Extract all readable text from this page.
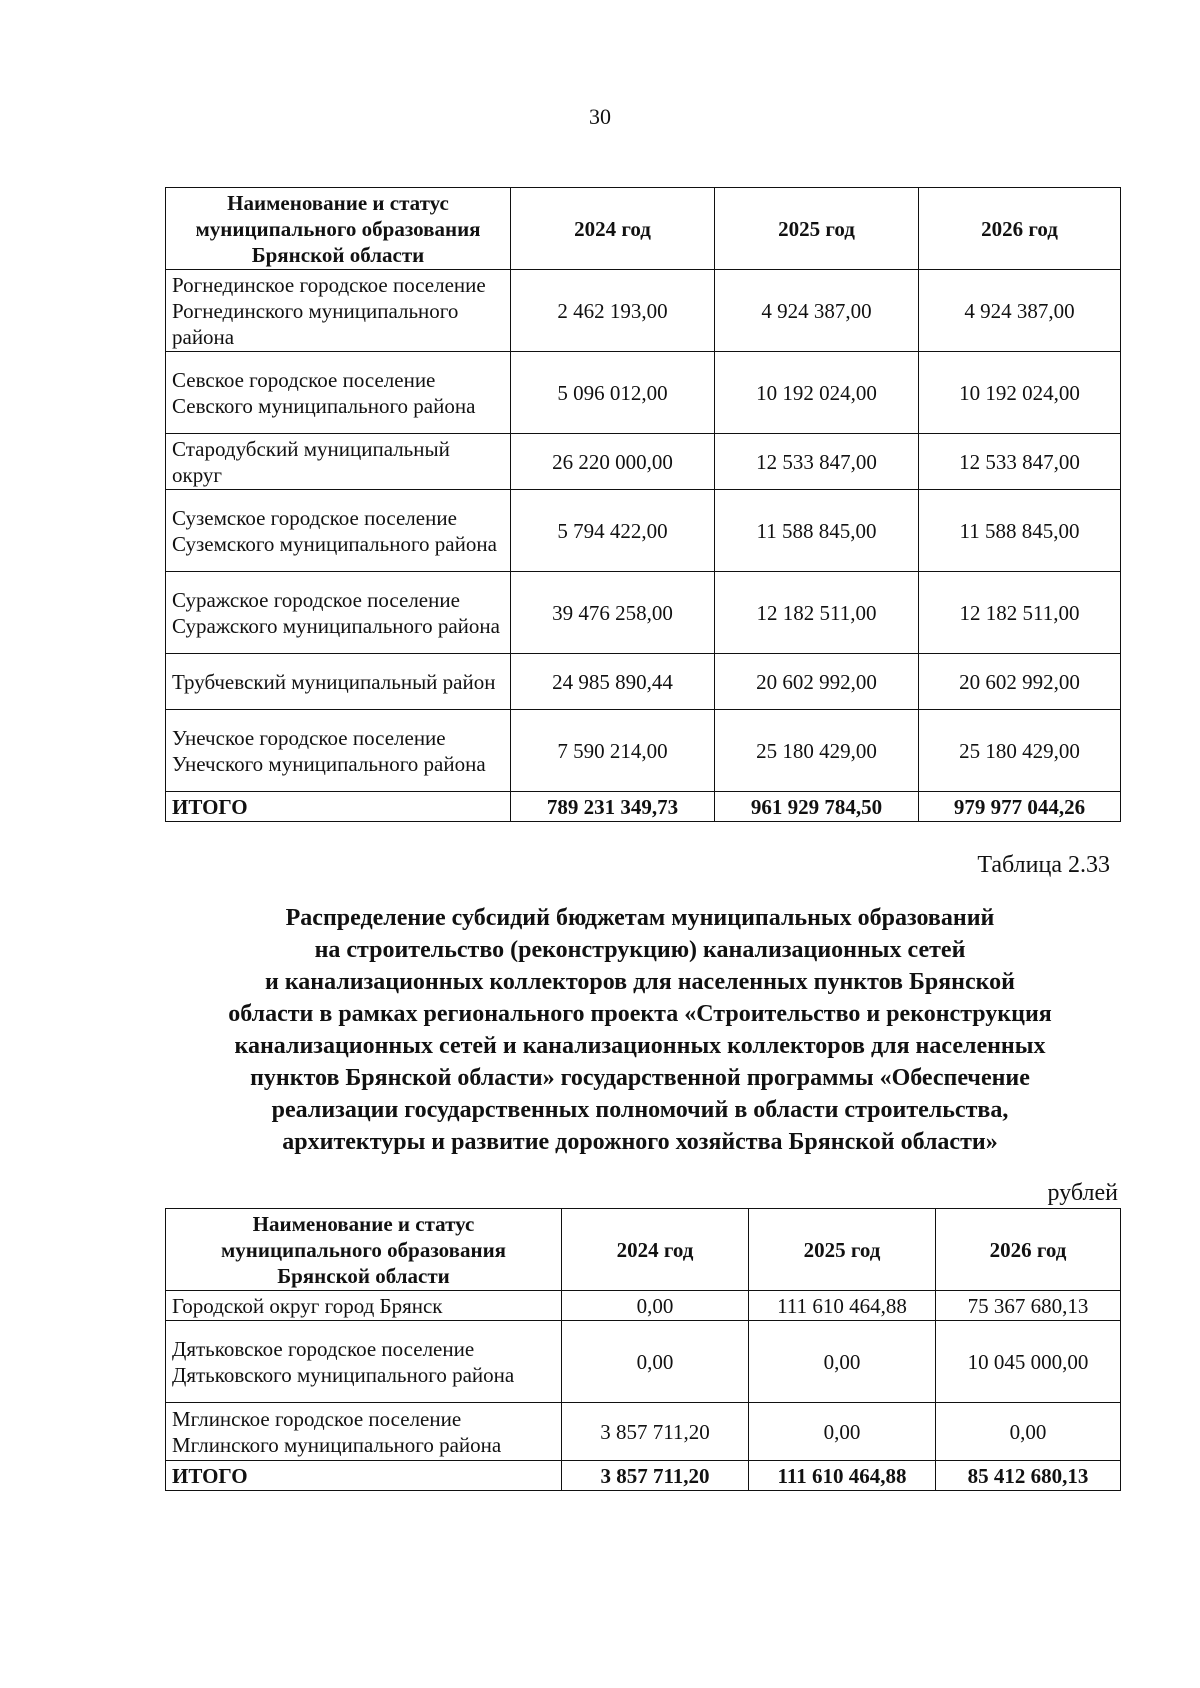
30
Наименование и статус муниципального образования Брянской области	2024 год	2025 год	2026 год
Рогнединское городское поселение Рогнединского муниципального района	2 462 193,00	4 924 387,00	4 924 387,00
Севское городское поселение Севского муниципального района	5 096 012,00	10 192 024,00	10 192 024,00
Стародубский муниципальный округ	26 220 000,00	12 533 847,00	12 533 847,00
Суземское городское поселение Суземского муниципального района	5 794 422,00	11 588 845,00	11 588 845,00
Суражское городское поселение Суражского муниципального района	39 476 258,00	12 182 511,00	12 182 511,00
Трубчевский муниципальный район	24 985 890,44	20 602 992,00	20 602 992,00
Унечское городское поселение Унечского муниципального района	7 590 214,00	25 180 429,00	25 180 429,00
ИТОГО	789 231 349,73	961 929 784,50	979 977 044,26
Таблица 2.33
Распределение субсидий бюджетам муниципальных образований
на строительство (реконструкцию) канализационных сетей
и канализационных коллекторов для населенных пунктов Брянской
области в рамках регионального проекта «Строительство и реконструкция
канализационных сетей и канализационных коллекторов для населенных
пунктов Брянской области» государственной программы «Обеспечение
реализации государственных полномочий в области строительства,
архитектуры и развитие дорожного хозяйства Брянской области»
рублей
Наименование и статус муниципального образования Брянской области	2024 год	2025 год	2026 год
Городской округ город Брянск	0,00	111 610 464,88	75 367 680,13
Дятьковское городское поселение Дятьковского муниципального района	0,00	0,00	10 045 000,00
Мглинское городское поселение Мглинского муниципального района	3 857 711,20	0,00	0,00
ИТОГО	3 857 711,20	111 610 464,88	85 412 680,13
